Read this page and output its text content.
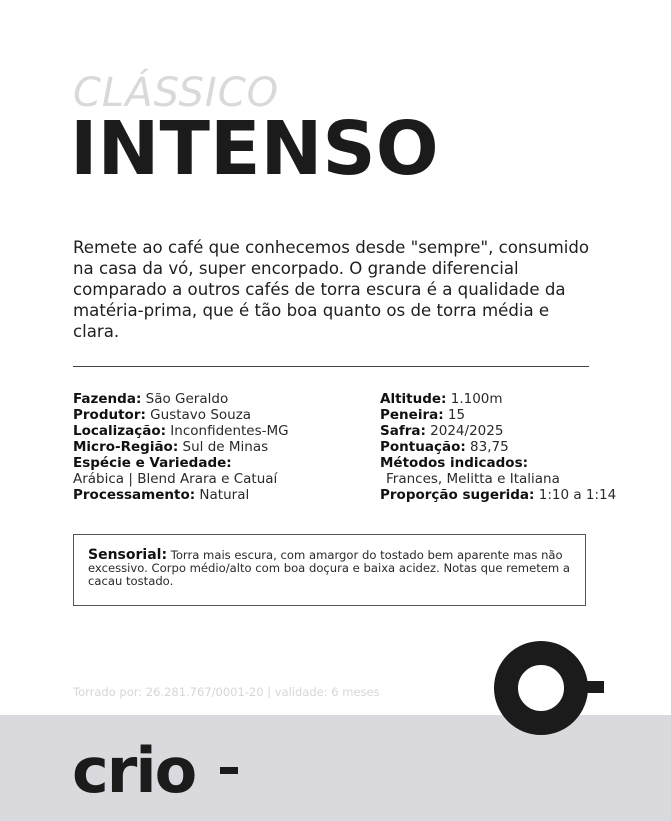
CLÁSSICO
INTENSO
Remete ao café que conhecemos desde "sempre", consumido na casa da vó, super encorpado. O grande diferencial comparado a outros cafés de torra escura é a qualidade da matéria-prima, que é tão boa quanto os de torra média e clara.
Fazenda: São Geraldo
Produtor: Gustavo Souza
Localização: Inconfidentes-MG
Micro-Região: Sul de Minas
Espécie e Variedade:
Arábica | Blend Arara e Catuaí
Processamento: Natural
Altitude: 1.100m
Peneira: 15
Safra: 2024/2025
Pontuação: 83,75
Métodos indicados:
Frances, Melitta e Italiana
Proporção sugerida: 1:10 a 1:14
Sensorial: Torra mais escura, com amargor do tostado bem aparente mas não excessivo. Corpo médio/alto com boa doçura e baixa acidez. Notas que remetem a cacau tostado.
Torrado por: 26.281.767/0001-20 | validade: 6 meses
crio
